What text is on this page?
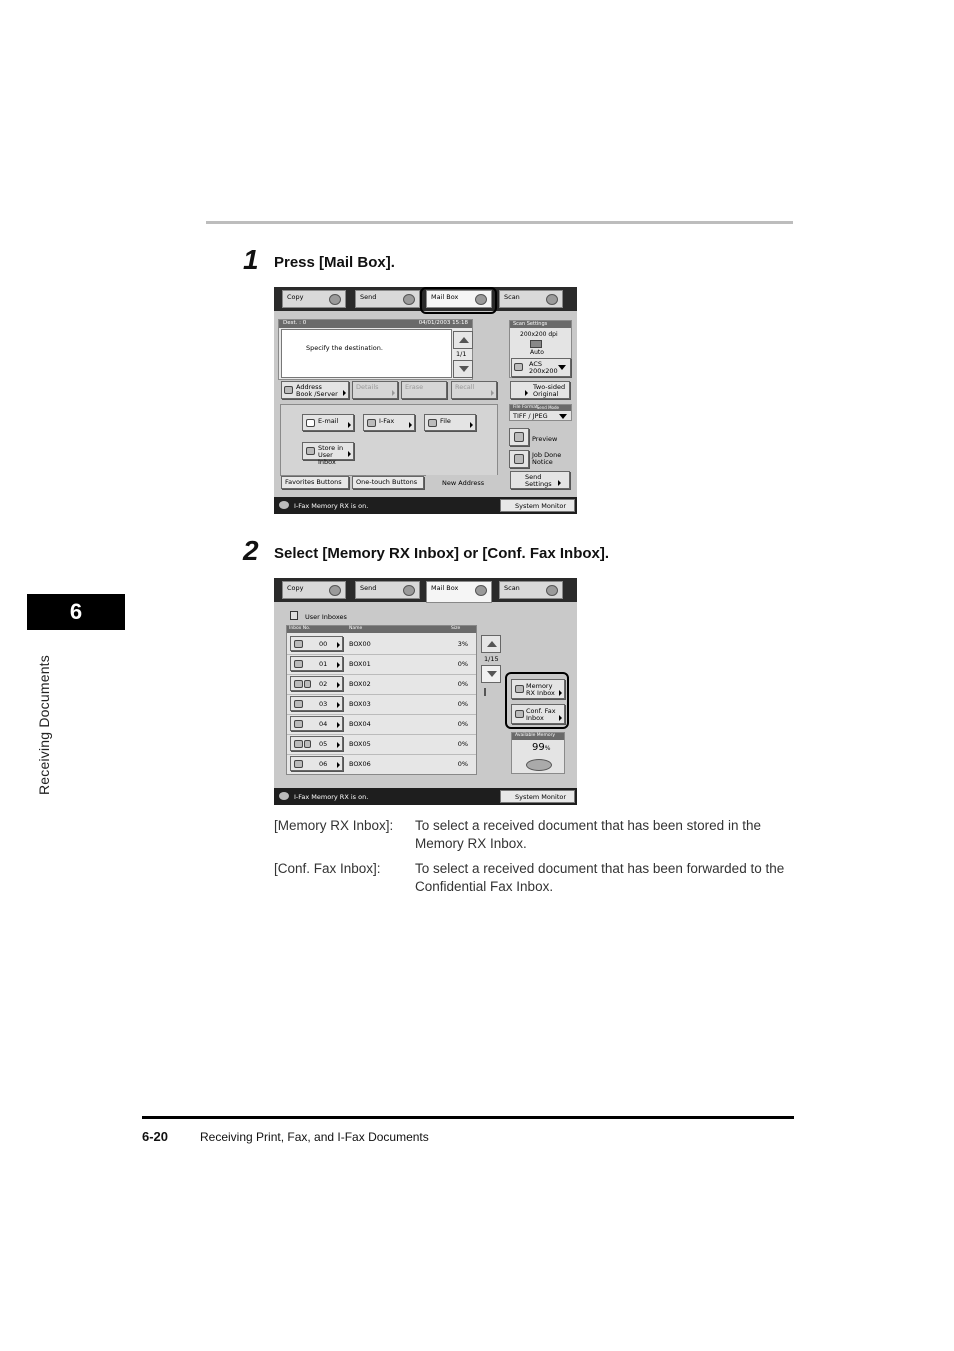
6
Receiving Documents
1 Press [Mail Box].
Copy	Send	Mail Box	Scan
Dest. : 0	04/01/2003 15:18
Specify the destination.
1/1
Scan Settings
200x200 dpi
Auto
ACS
200x200
Address Book /Server
Details	Erase	Recall	Two-sided Original
E-mail	I-Fax	File
Store in User Inbox
File Format
Send Mode
TIFF / JPEG
Preview
Job Done Notice
Send Settings
Favorites Buttons	One-touch Buttons	New Address
I-Fax Memory RX is on.	System Monitor
2 Select [Memory RX Inbox] or [Conf. Fax Inbox].
Copy	Send	Mail Box	Scan
User Inboxes
Inbox No.	Name	Size
00	BOX00	3%
01	BOX01	0%
02	BOX02	0%
03	BOX03	0%
04	BOX04	0%
05	BOX05	0%
06	BOX06	0%
1/15
Memory RX Inbox
Conf. Fax Inbox
Available Memory
99%
I-Fax Memory RX is on.	System Monitor
[Memory RX Inbox]: To select a received document that has been stored in the Memory RX Inbox.
[Conf. Fax Inbox]:	To select a received document that has been forwarded to the Confidential Fax Inbox.
6-20	Receiving Print, Fax, and I-Fax Documents
